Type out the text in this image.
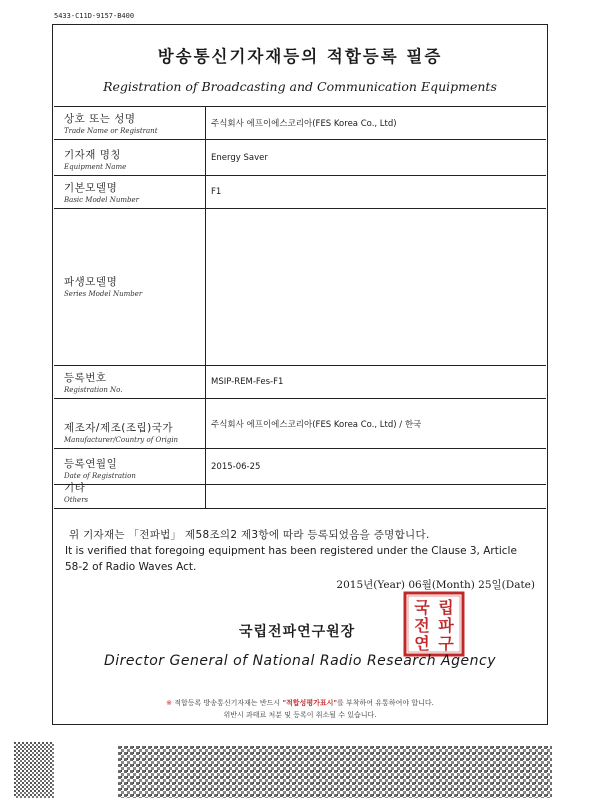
5433-C11D-9157-B400
방송통신기자재등의 적합등록 필증
Registration of Broadcasting and Communication Equipments
상호 또는 성명
Trade Name or Registrant
주식회사 에프이에스코리아(FES Korea Co., Ltd)
기자재 명칭
Equipment Name
Energy Saver
기본모델명
Basic Model Number
F1
파생모델명
Series Model Number
등록번호
Registration No.
MSIP-REM-Fes-F1
제조자/제조(조립)국가
Manufacturer/Country of Origin
주식회사 에프이에스코리아(FES Korea Co., Ltd) / 한국
등록연월일
Date of Registration
2015-06-25
기타
Others
위 기자재는 「전파법」 제58조의2 제3항에 따라 등록되었음을 증명합니다.
It is verified that foregoing equipment has been registered under the Clause 3, Article 58-2 of Radio Waves Act.
2015년(Year) 06월(Month) 25일(Date)
국립전파연구원장
국 립
전 파
연 구
Director General of National Radio Research Agency
※ 적합등록 방송통신기자재는 반드시 "적합성평가표시"를 부착하여 유통하여야 합니다.
위반시 과태료 처분 및 등록이 취소될 수 있습니다.
